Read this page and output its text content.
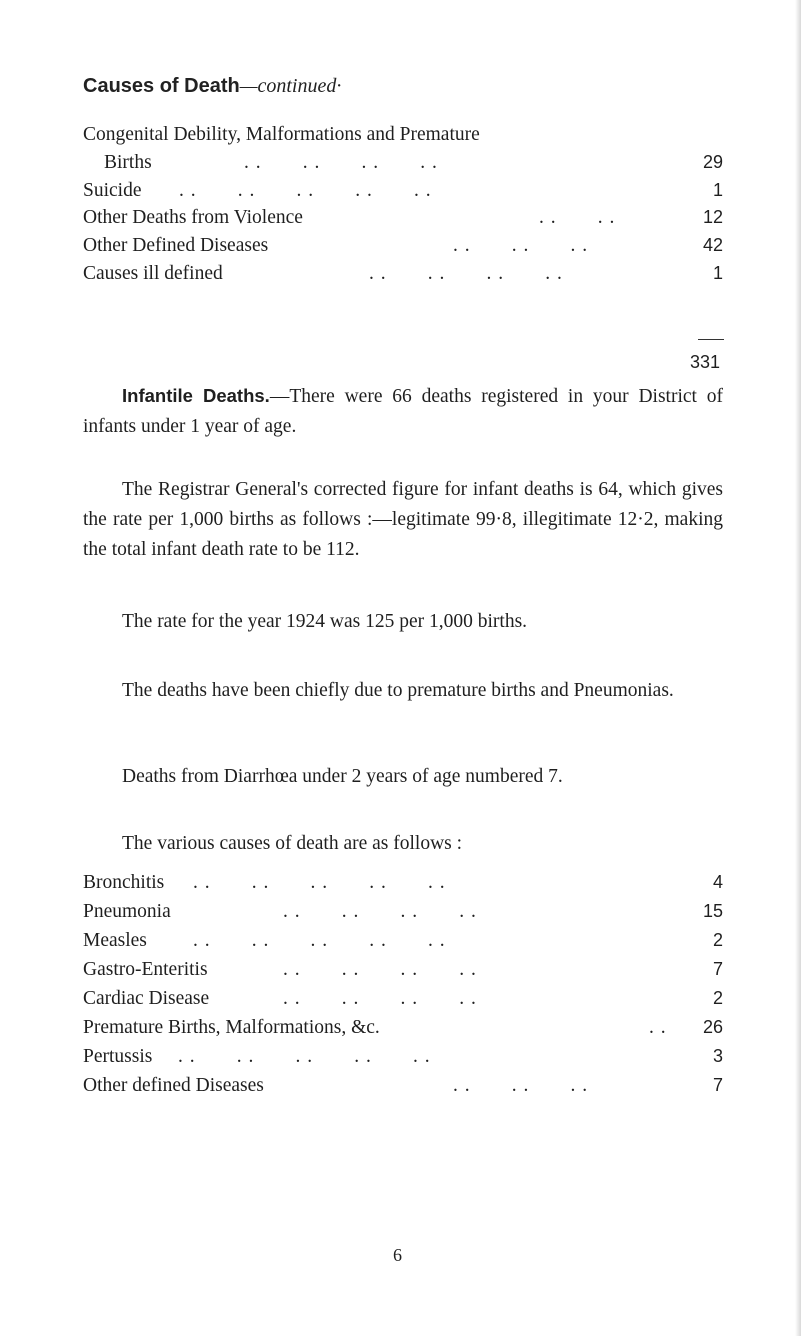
Causes of Death—continued·
Congenital Debility, Malformations and Premature
Births	. .       . .       . .       . .	29
Suicide . .       . .       . .       . .       . .	1
Other Deaths from Violence	. .       . .	12
Other Defined Diseases	. .       . .       . .	42
Causes ill defined	. .       . .       . .       . .	1
331
Infantile Deaths.—There were 66 deaths registered in your District of infants under 1 year of age.
The Registrar General's corrected figure for infant deaths is 64, which gives the rate per 1,000 births as follows :—legitimate 99·8, illegitimate 12·2, making the total infant death rate to be 112.
The rate for the year 1924 was 125 per 1,000 births.
The deaths have been chiefly due to premature births and Pneumonias.
Deaths from Diarrhœa under 2 years of age numbered 7.
The various causes of death are as follows :
Bronchitis . .       . .       . .       . .       . .	4
Pneumonia	. .       . .       . .       . .	15
Measles . .       . .       . .       . .       . .	2
Gastro-Enteritis	. .       . .       . .       . .	7
Cardiac Disease	. .       . .       . .       . .	2
Premature Births, Malformations, &c.	. . 26
Pertussis . .       . .       . .       . .       . .	3
Other defined Diseases	. .       . .       . .	7
6
